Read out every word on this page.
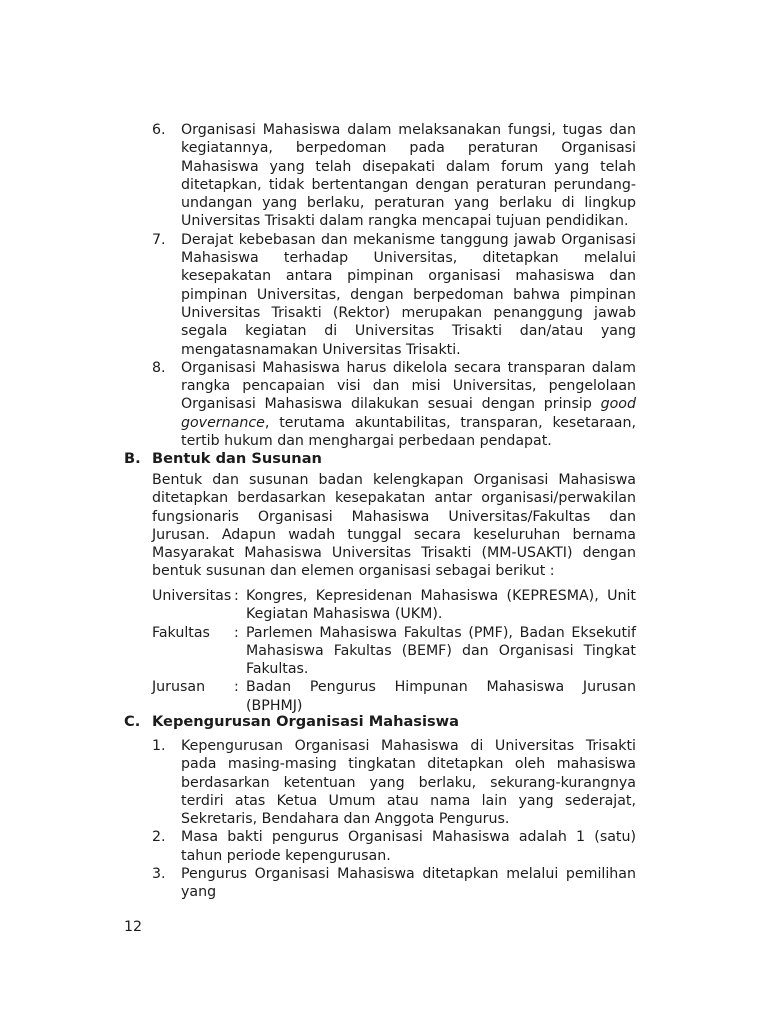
6. Organisasi Mahasiswa dalam melaksanakan fungsi, tugas dan kegiatannya, berpedoman pada peraturan Organisasi Mahasiswa yang telah disepakati dalam forum yang telah ditetapkan, tidak bertentangan dengan peraturan perundang-undangan yang berlaku, peraturan yang berlaku di lingkup Universitas Trisakti dalam rangka mencapai tujuan pendidikan.
7. Derajat kebebasan dan mekanisme tanggung jawab Organisasi Mahasiswa terhadap Universitas, ditetapkan melalui kesepakatan antara pimpinan organisasi mahasiswa dan pimpinan Universitas, dengan berpedoman bahwa pimpinan Universitas Trisakti (Rektor) merupakan penanggung jawab segala kegiatan di Universitas Trisakti dan/atau yang mengatasnamakan Universitas Trisakti.
8. Organisasi Mahasiswa harus dikelola secara transparan dalam rangka pencapaian visi dan misi Universitas, pengelolaan Organisasi Mahasiswa dilakukan sesuai dengan prinsip good governance, terutama akuntabilitas, transparan, kesetaraan, tertib hukum dan menghargai perbedaan pendapat.
B. Bentuk dan Susunan

Bentuk dan susunan badan kelengkapan Organisasi Mahasiswa ditetapkan berdasarkan kesepakatan antar organisasi/perwakilan fungsionaris Organisasi Mahasiswa Universitas/Fakultas dan Jurusan. Adapun wadah tunggal secara keseluruhan bernama Masyarakat Mahasiswa Universitas Trisakti (MM-USAKTI) dengan bentuk susunan dan elemen organisasi sebagai berikut :

Universitas : Kongres, Kepresidenan Mahasiswa (KEPRESMA), Unit Kegiatan Mahasiswa (UKM).
Fakultas	: Parlemen Mahasiswa Fakultas (PMF), Badan Eksekutif Mahasiswa Fakultas (BEMF) dan Organisasi Tingkat Fakultas.
Jurusan	: Badan Pengurus Himpunan Mahasiswa Jurusan (BPHMJ)
C. Kepengurusan Organisasi Mahasiswa
1. Kepengurusan Organisasi Mahasiswa di Universitas Trisakti pada masing-masing tingkatan ditetapkan oleh mahasiswa berdasarkan ketentuan yang berlaku, sekurang-kurangnya terdiri atas Ketua Umum atau nama lain yang sederajat, Sekretaris, Bendahara dan Anggota Pengurus.
2. Masa bakti pengurus Organisasi Mahasiswa adalah 1 (satu) tahun periode kepengurusan.
3. Pengurus Organisasi Mahasiswa ditetapkan melalui pemilihan yang
12
